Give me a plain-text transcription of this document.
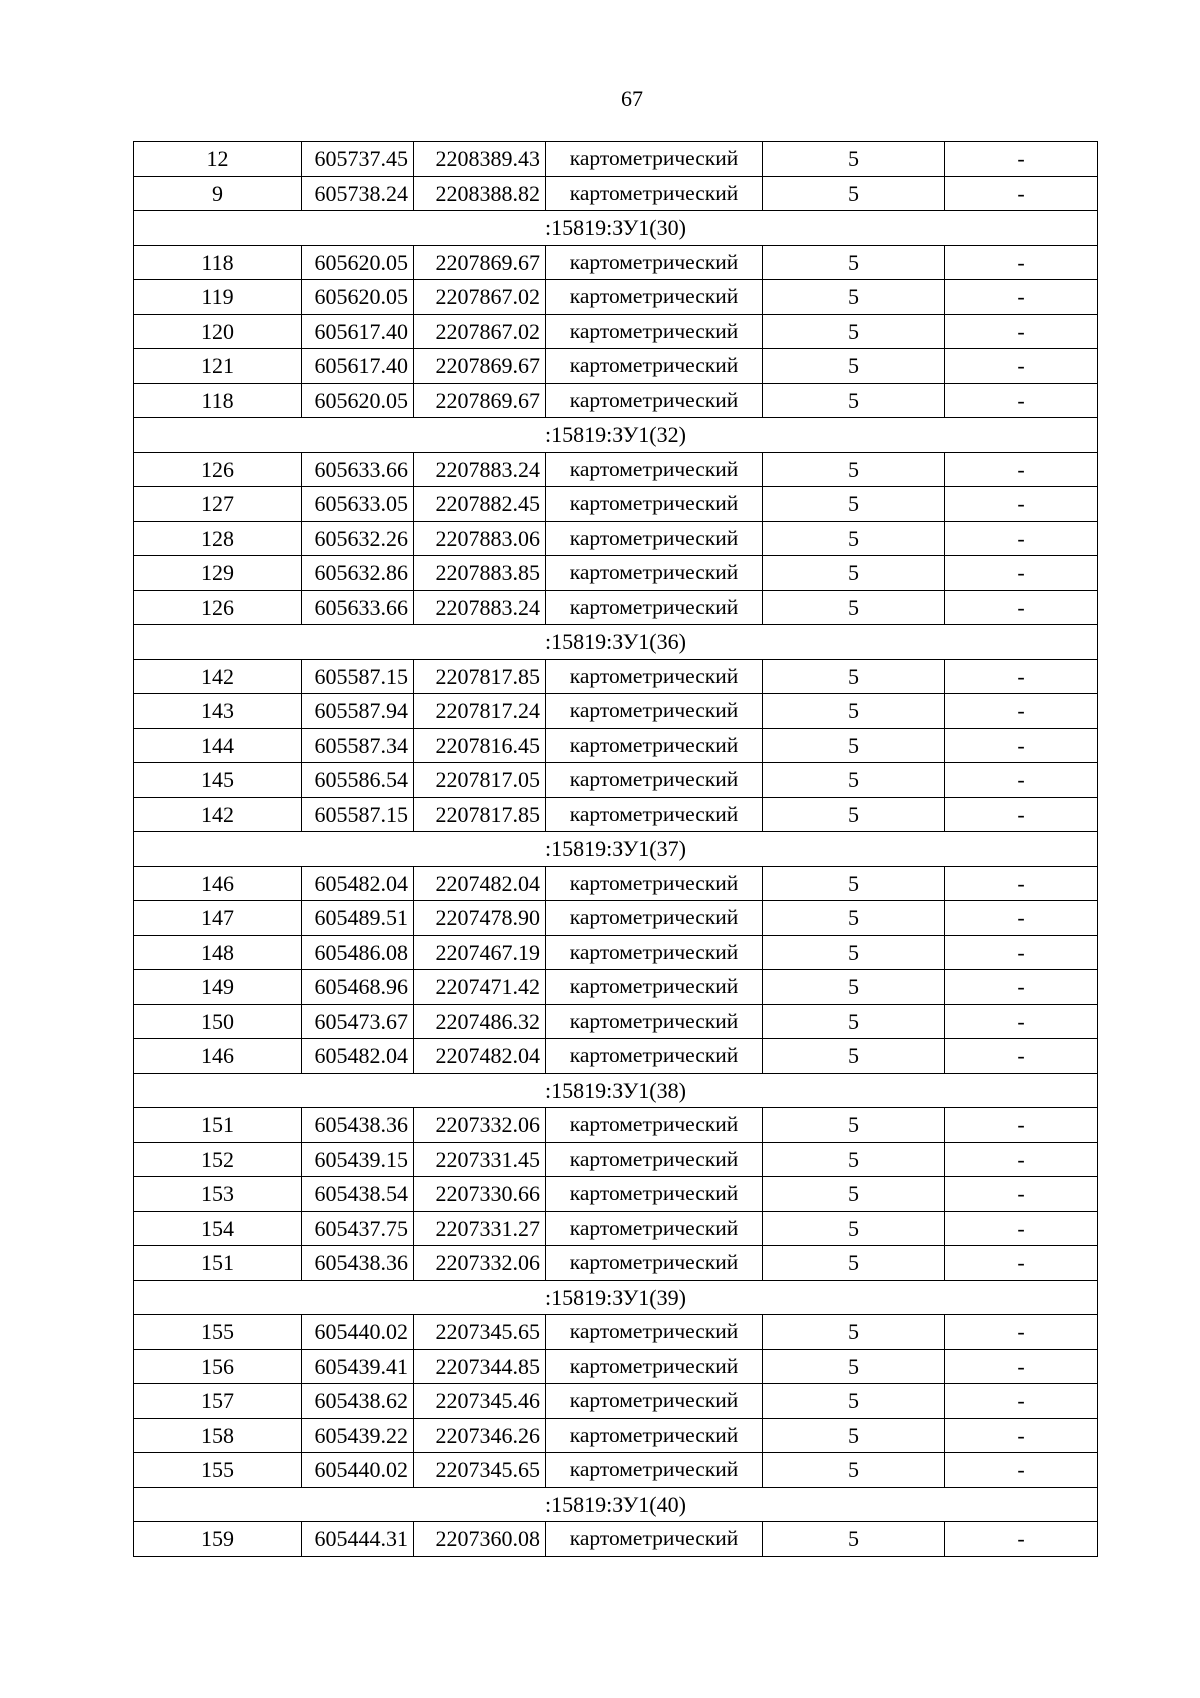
67
12	605737.45	2208389.43	картометрический	5	-
9	605738.24	2208388.82	картометрический	5	-
:15819:ЗУ1(30)					
118	605620.05	2207869.67	картометрический	5	-
119	605620.05	2207867.02	картометрический	5	-
120	605617.40	2207867.02	картометрический	5	-
121	605617.40	2207869.67	картометрический	5	-
118	605620.05	2207869.67	картометрический	5	-
:15819:ЗУ1(32)					
126	605633.66	2207883.24	картометрический	5	-
127	605633.05	2207882.45	картометрический	5	-
128	605632.26	2207883.06	картометрический	5	-
129	605632.86	2207883.85	картометрический	5	-
126	605633.66	2207883.24	картометрический	5	-
:15819:ЗУ1(36)					
142	605587.15	2207817.85	картометрический	5	-
143	605587.94	2207817.24	картометрический	5	-
144	605587.34	2207816.45	картометрический	5	-
145	605586.54	2207817.05	картометрический	5	-
142	605587.15	2207817.85	картометрический	5	-
:15819:ЗУ1(37)					
146	605482.04	2207482.04	картометрический	5	-
147	605489.51	2207478.90	картометрический	5	-
148	605486.08	2207467.19	картометрический	5	-
149	605468.96	2207471.42	картометрический	5	-
150	605473.67	2207486.32	картометрический	5	-
146	605482.04	2207482.04	картометрический	5	-
:15819:ЗУ1(38)					
151	605438.36	2207332.06	картометрический	5	-
152	605439.15	2207331.45	картометрический	5	-
153	605438.54	2207330.66	картометрический	5	-
154	605437.75	2207331.27	картометрический	5	-
151	605438.36	2207332.06	картометрический	5	-
:15819:ЗУ1(39)					
155	605440.02	2207345.65	картометрический	5	-
156	605439.41	2207344.85	картометрический	5	-
157	605438.62	2207345.46	картометрический	5	-
158	605439.22	2207346.26	картометрический	5	-
155	605440.02	2207345.65	картометрический	5	-
:15819:ЗУ1(40)					
159	605444.31	2207360.08	картометрический	5	-
